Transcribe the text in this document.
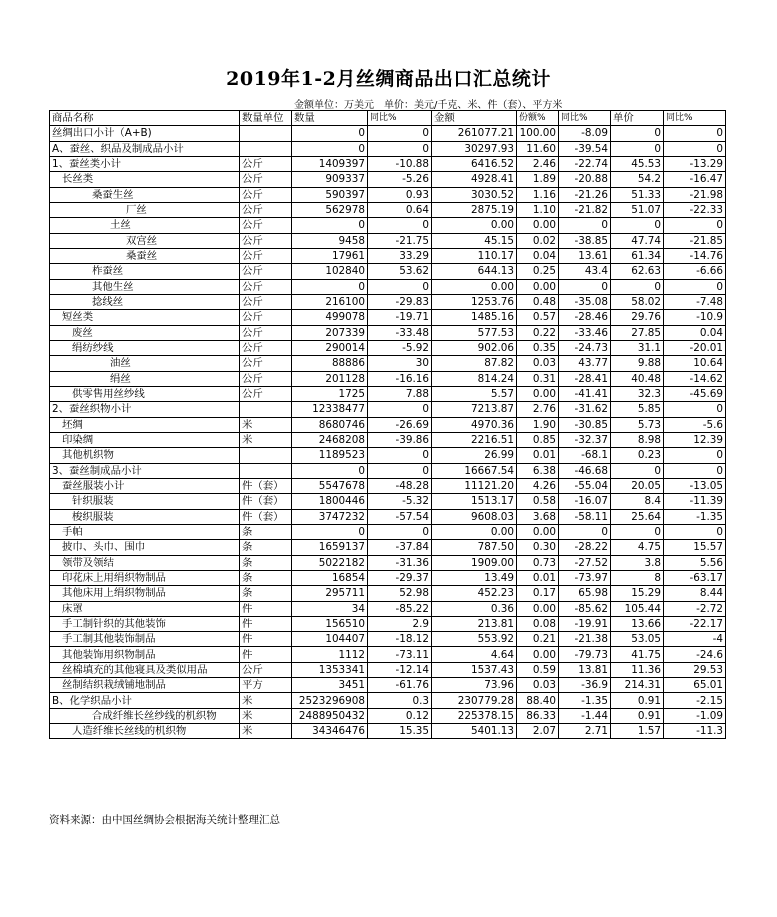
2019年1-2月丝绸商品出口汇总统计
金额单位：万美元　单价：美元/千克、米、件（套）、平方米
商品名称	数量单位	数量	同比%	金额	份额%	同比%	单价	同比%
丝绸出口小计（A+B)		0	0	261077.21	100.00	-8.09	0	0
A、蚕丝、织品及制成品小计		0	0	30297.93	11.60	-39.54	0	0
1、蚕丝类小计	公斤	1409397	-10.88	6416.52	2.46	-22.74	45.53	-13.29
长丝类	公斤	909337	-5.26	4928.41	1.89	-20.88	54.2	-16.47
桑蚕生丝	公斤	590397	0.93	3030.52	1.16	-21.26	51.33	-21.98
厂丝	公斤	562978	0.64	2875.19	1.10	-21.82	51.07	-22.33
土丝	公斤	0	0	0.00	0.00	0	0	0
双宫丝	公斤	9458	-21.75	45.15	0.02	-38.85	47.74	-21.85
桑蚕丝	公斤	17961	33.29	110.17	0.04	13.61	61.34	-14.76
柞蚕丝	公斤	102840	53.62	644.13	0.25	43.4	62.63	-6.66
其他生丝	公斤	0	0	0.00	0.00	0	0	0
捻线丝	公斤	216100	-29.83	1253.76	0.48	-35.08	58.02	-7.48
短丝类	公斤	499078	-19.71	1485.16	0.57	-28.46	29.76	-10.9
废丝	公斤	207339	-33.48	577.53	0.22	-33.46	27.85	0.04
绢纺纱线	公斤	290014	-5.92	902.06	0.35	-24.73	31.1	-20.01
油丝	公斤	88886	30	87.82	0.03	43.77	9.88	10.64
绢丝	公斤	201128	-16.16	814.24	0.31	-28.41	40.48	-14.62
供零售用丝纱线	公斤	1725	7.88	5.57	0.00	-41.41	32.3	-45.69
2、蚕丝织物小计		12338477	0	7213.87	2.76	-31.62	5.85	0
坯绸	米	8680746	-26.69	4970.36	1.90	-30.85	5.73	-5.6
印染绸	米	2468208	-39.86	2216.51	0.85	-32.37	8.98	12.39
其他机织物		1189523	0	26.99	0.01	-68.1	0.23	0
3、蚕丝制成品小计		0	0	16667.54	6.38	-46.68	0	0
蚕丝服装小计	件（套）	5547678	-48.28	11121.20	4.26	-55.04	20.05	-13.05
针织服装	件（套）	1800446	-5.32	1513.17	0.58	-16.07	8.4	-11.39
梭织服装	件（套）	3747232	-57.54	9608.03	3.68	-58.11	25.64	-1.35
手帕	条	0	0	0.00	0.00	0	0	0
披巾、头巾、围巾	条	1659137	-37.84	787.50	0.30	-28.22	4.75	15.57
领带及领结	条	5022182	-31.36	1909.00	0.73	-27.52	3.8	5.56
印花床上用绢织物制品	条	16854	-29.37	13.49	0.01	-73.97	8	-63.17
其他床用上绢织物制品	条	295711	52.98	452.23	0.17	65.98	15.29	8.44
床罩	件	34	-85.22	0.36	0.00	-85.62	105.44	-2.72
手工制针织的其他装饰	件	156510	2.9	213.81	0.08	-19.91	13.66	-22.17
手工制其他装饰制品	件	104407	-18.12	553.92	0.21	-21.38	53.05	-4
其他装饰用织物制品	件	1112	-73.11	4.64	0.00	-79.73	41.75	-24.6
丝棉填充的其他寝具及类似用品	公斤	1353341	-12.14	1537.43	0.59	13.81	11.36	29.53
丝制结织栽绒铺地制品	平方	3451	-61.76	73.96	0.03	-36.9	214.31	65.01
B、化学织品小计	米	2523296908	0.3	230779.28	88.40	-1.35	0.91	-2.15
合成纤维长丝纱线的机织物	米	2488950432	0.12	225378.15	86.33	-1.44	0.91	-1.09
人造纤维长丝线的机织物	米	34346476	15.35	5401.13	2.07	2.71	1.57	-11.3
资料来源：由中国丝绸协会根据海关统计整理汇总
